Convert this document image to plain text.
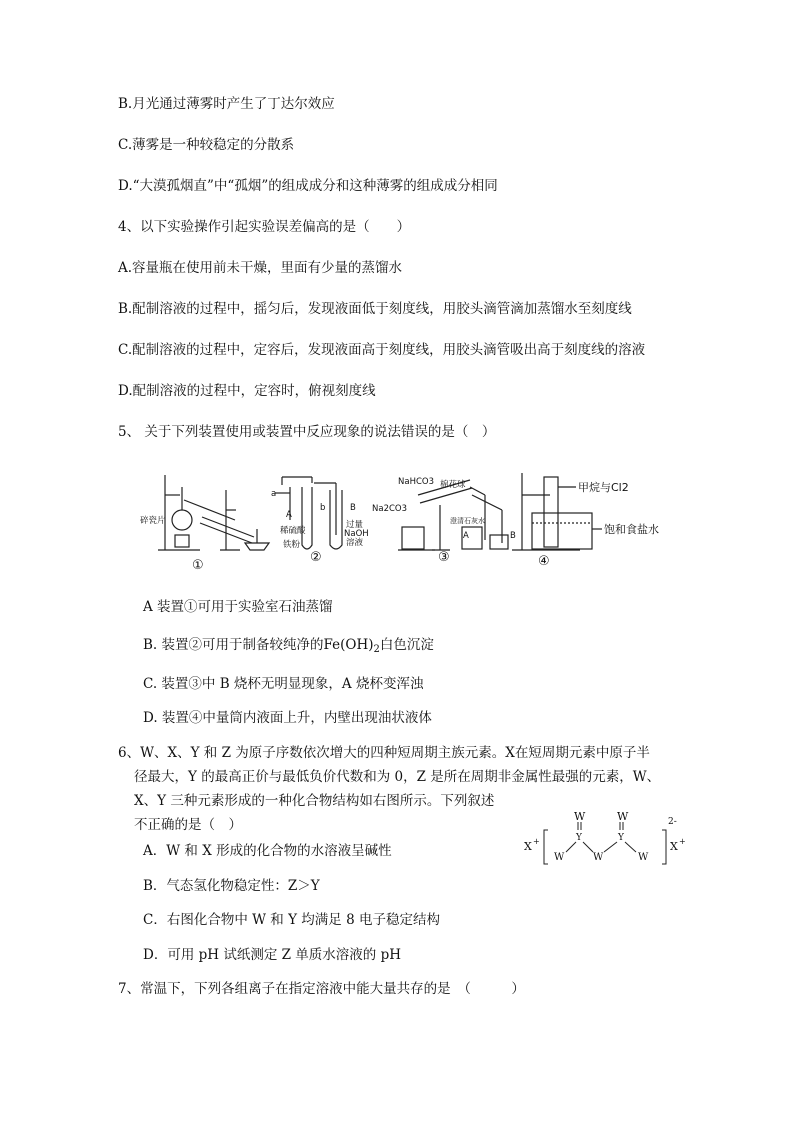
B.月光通过薄雾时产生了丁达尔效应
C.薄雾是一种较稳定的分散系
D.“大漠孤烟直”中“孤烟”的组成成分和这种薄雾的组成成分相同
4、以下实验操作引起实验误差偏高的是（　　）
A.容量瓶在使用前未干燥，里面有少量的蒸馏水
B.配制溶液的过程中，摇匀后，发现液面低于刻度线，用胶头滴管滴加蒸馏水至刻度线
C.配制溶液的过程中，定容后，发现液面高于刻度线，用胶头滴管吸出高于刻度线的溶液
D.配制溶液的过程中，定容时，俯视刻度线
5、 关于下列装置使用或装置中反应现象的说法错误的是（　）
碎瓷片
a
A
b	B
稀硫酸
铁粉
过量
NaOH
溶液
NaHCO3
Na2CO3
棉花球
澄清石灰水
A	B
甲烷与Cl2
饱和食盐水
①
②	③	④
A 装置①可用于实验室石油蒸馏
B. 装置②可用于制备较纯净的$Fe(OH)_2$白色沉淀
C. 装置③中 B 烧杯无明显现象，A 烧杯变浑浊
D. 装置④中量筒内液面上升，内壁出现油状液体
6、W、X、Y 和 Z 为原子序数依次增大的四种短周期主族元素。X在短周期元素中原子半
径最大，Y 的最高正价与最低负价代数和为 0，Z 是所在周期非金属性最强的元素，W、
X、Y 三种元素形成的一种化合物结构如右图所示。下列叙述
不正确的是（　）
X +
W	W
Y	Y
W	W	W
2-
X +
A．W 和 X 形成的化合物的水溶液呈碱性
B．气态氢化物稳定性：Z＞Y
C．右图化合物中 W 和 Y 均满足 8 电子稳定结构
D．可用 pH 试纸测定 Z 单质水溶液的 pH
7、常温下，下列各组离子在指定溶液中能大量共存的是　（　　　）
